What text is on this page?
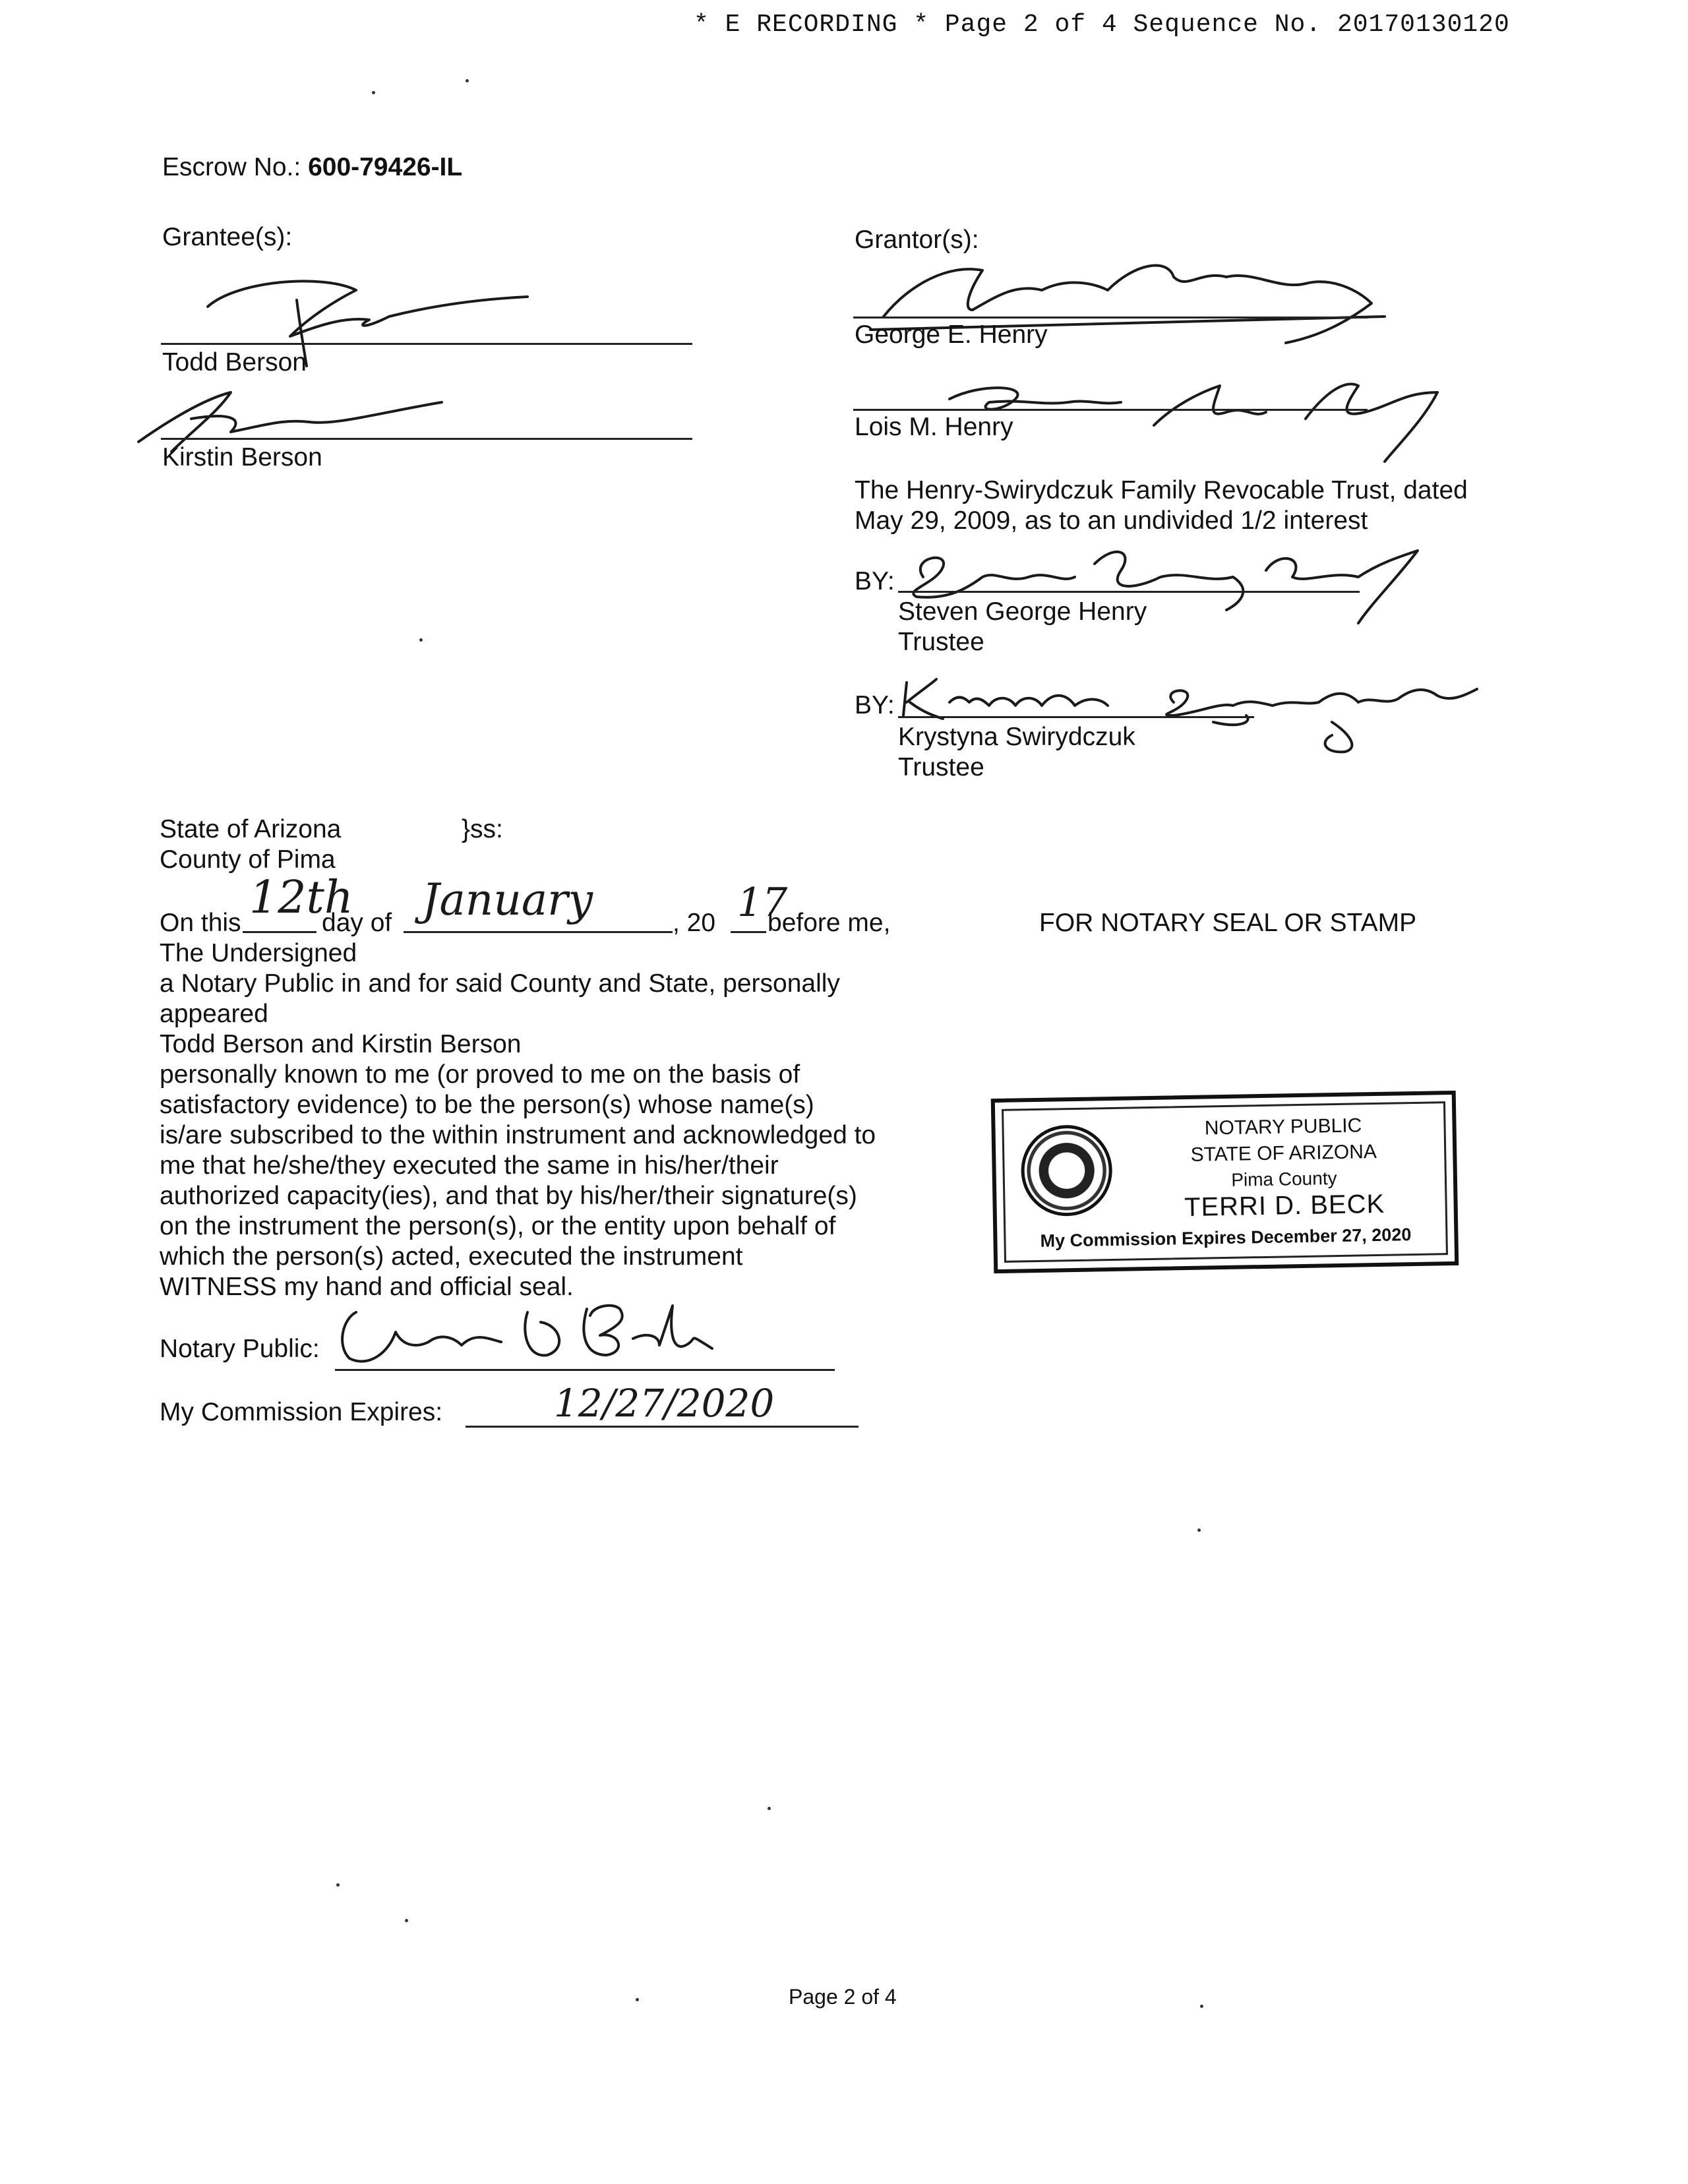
* E RECORDING * Page 2 of 4 Sequence No. 20170130120
Escrow No.: 600-79426-IL
Grantee(s):
Todd Berson
Kirstin Berson
Grantor(s):
George E. Henry
Lois M. Henry
The Henry-Swirydczuk Family Revocable Trust, dated
May 29, 2009, as to an undivided 1/2 interest
BY:
Steven George Henry
Trustee
BY:
Krystyna Swirydczuk
Trustee
State of Arizona	}ss:
County of Pima
On this 12th
day of January	, 20 17
before me,
The Undersigned
a Notary Public in and for said County and State, personally
appeared
Todd Berson and Kirstin Berson
personally known to me (or proved to me on the basis of
satisfactory evidence) to be the person(s) whose name(s)
is/are subscribed to the within instrument and acknowledged to
me that he/she/they executed the same in his/her/their
authorized capacity(ies), and that by his/her/their signature(s)
on the instrument the person(s), or the entity upon behalf of
which the person(s) acted, executed the instrument
WITNESS my hand and official seal.
Notary Public:
My Commission Expires:	12/27/2020
FOR NOTARY SEAL OR STAMP
NOTARY PUBLIC
STATE OF ARIZONA
Pima County
TERRI D. BECK
My Commission Expires December 27, 2020
Page 2 of 4
